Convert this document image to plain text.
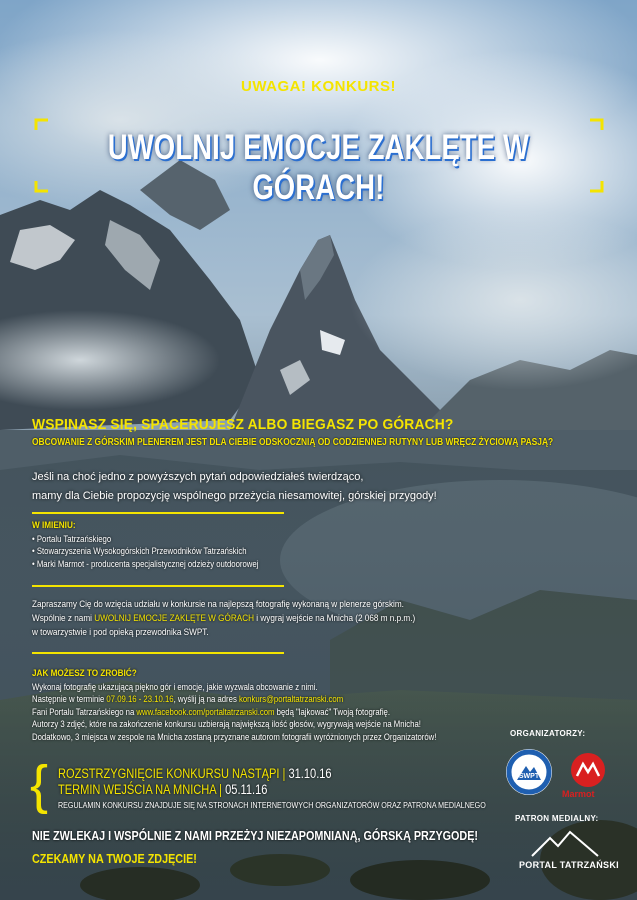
UWAGA! KONKURS!
UWOLNIJ EMOCJE ZAKLĘTE W GÓRACH!
WSPINASZ SIĘ, SPACERUJESZ ALBO BIEGASZ PO GÓRACH?
OBCOWANIE Z GÓRSKIM PLENEREM JEST DLA CIEBIE ODSKOCZNIĄ OD CODZIENNEJ RUTYNY LUB WRĘCZ ŻYCIOWĄ PASJĄ?
Jeśli na choć jedno z powyższych pytań odpowiedziałeś twierdząco,
mamy dla Ciebie propozycję wspólnego przeżycia niesamowitej, górskiej przygody!
W IMIENIU:
• Portalu Tatrzańskiego
• Stowarzyszenia Wysokogórskich Przewodników Tatrzańskich
• Marki Marmot - producenta specjalistycznej odzieży outdoorowej
Zapraszamy Cię do wzięcia udziału w konkursie na najlepszą fotografię wykonaną w plenerze górskim.
Wspólnie z nami UWOLNIJ EMOCJE ZAKLĘTE W GÓRACH i wygraj wejście na Mnicha (2 068 m n.p.m.)
w towarzystwie i pod opieką przewodnika SWPT.
JAK MOŻESZ TO ZROBIĆ?
Wykonaj fotografię ukazującą piękno gór i emocje, jakie wyzwala obcowanie z nimi.
Następnie w terminie 07.09.16 - 23.10.16, wyślij ją na adres konkurs@portaltatrzanski.com
Fani Portalu Tatrzańskiego na www.facebook.com/portaltatrzanski.com będą "lajkować" Twoją fotografię.
Autorzy 3 zdjęć, które na zakończenie konkursu uzbierają największą ilość głosów, wygrywają wejście na Mnicha!
Dodatkowo, 3 miejsca w zespole na Mnicha zostaną przyznane autorom fotografii wyróżnionych przez Organizatorów!
{ ROZSTRZYGNIĘCIE KONKURSU NASTĄPI | 31.10.16
TERMIN WEJŚCIA NA MNICHA | 05.11.16
REGULAMIN KONKURSU ZNAJDUJE SIĘ NA STRONACH INTERNETOWYCH ORGANIZATORÓW ORAZ PATRONA MEDIALNEGO
NIE ZWLEKAJ I WSPÓLNIE Z NAMI PRZEŻYJ NIEZAPOMNIANĄ, GÓRSKĄ PRZYGODĘ!
CZEKAMY NA TWOJE ZDJĘCIE!
ORGANIZATORZY:
SWPT
Marmot
PATRON MEDIALNY:
PORTAL TATRZAŃSKI
